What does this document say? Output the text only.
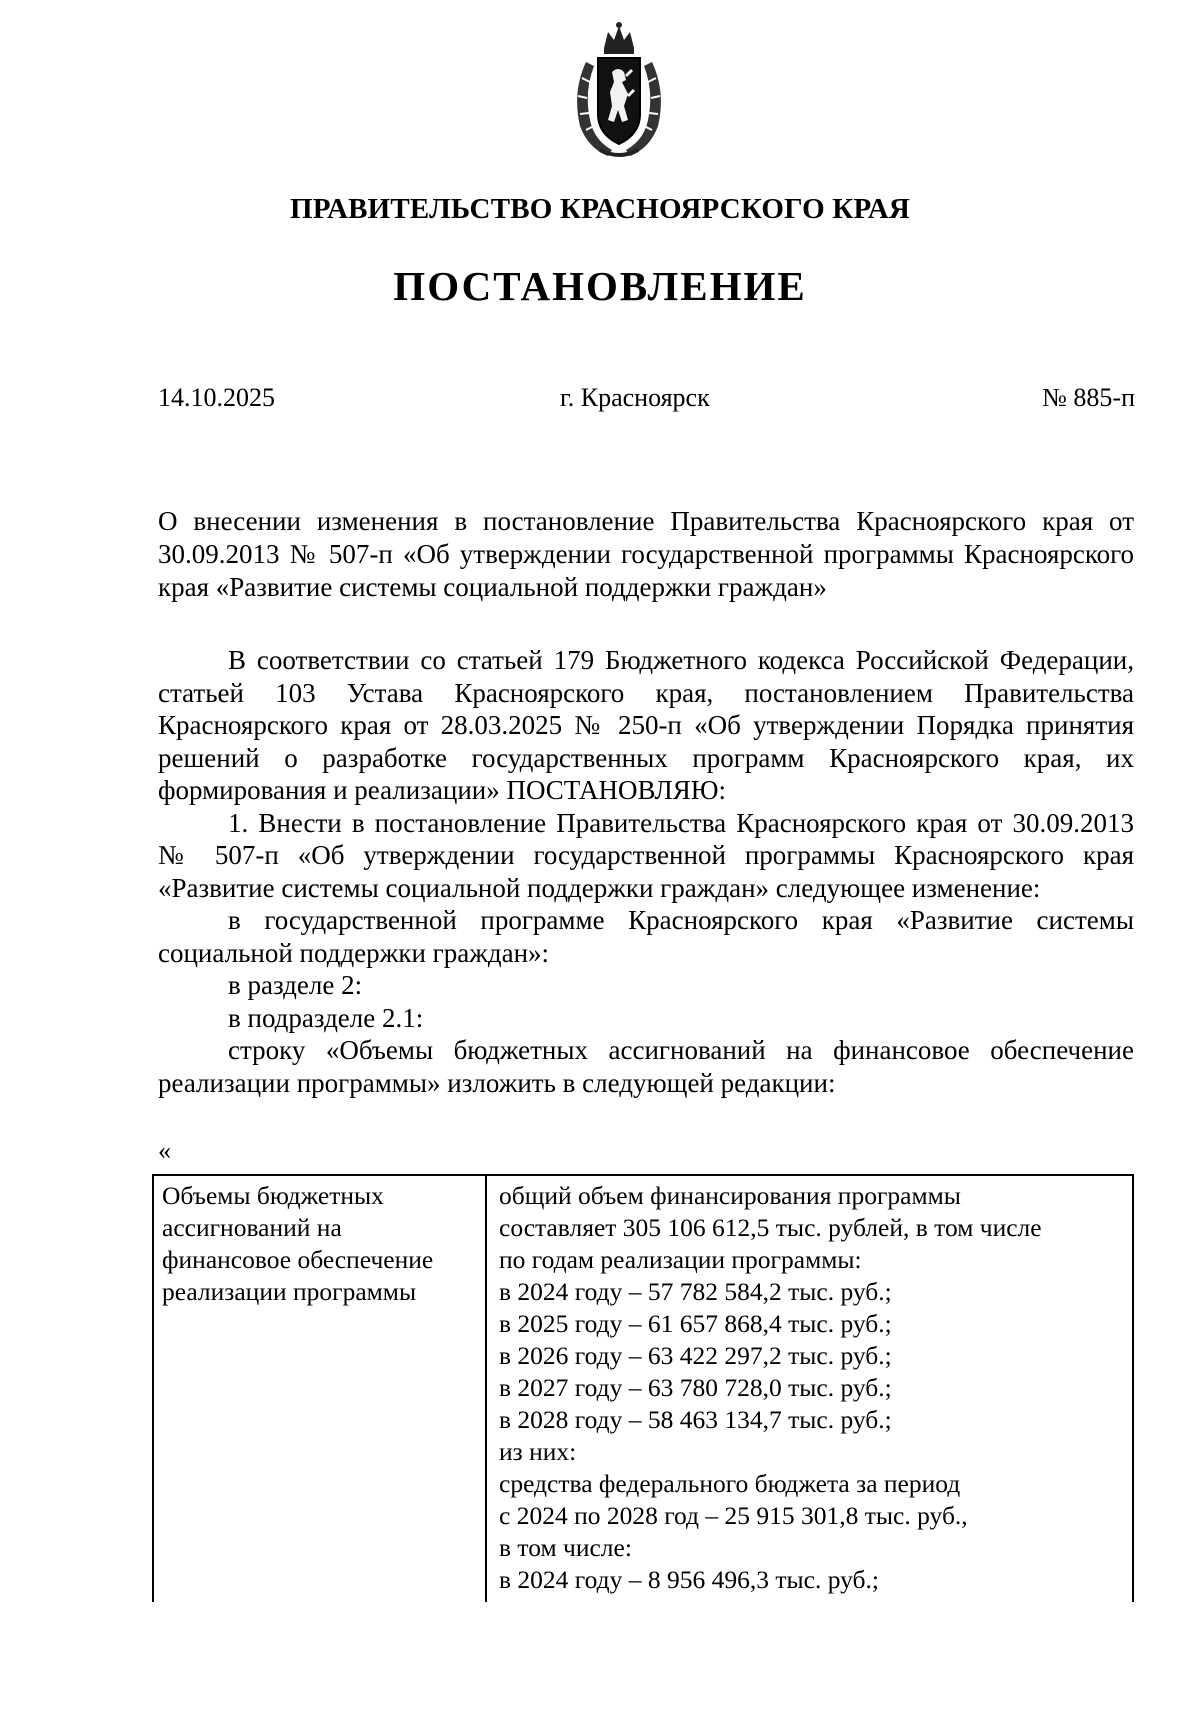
ПРАВИТЕЛЬСТВО КРАСНОЯРСКОГО КРАЯ
ПОСТАНОВЛЕНИЕ
14.10.2025	г. Красноярск	№ 885-п

О внесении изменения в постановление Правительства Красноярского края от 30.09.2013 № 507-п «Об утверждении государственной программы Красноярского края «Развитие системы социальной поддержки граждан»

В соответствии со статьей 179 Бюджетного кодекса Российской Федерации, статьей 103 Устава Красноярского края, постановлением Правительства Красноярского края от 28.03.2025 № 250-п «Об утверждении Порядка принятия решений о разработке государственных программ Красноярского края, их формирования и реализации» ПОСТАНОВЛЯЮ:

1. Внести в постановление Правительства Красноярского края от 30.09.2013 № 507-п «Об утверждении государственной программы Красноярского края «Развитие системы социальной поддержки граждан» следующее изменение:

в государственной программе Красноярского края «Развитие системы социальной поддержки граждан»:

в разделе 2:

в подразделе 2.1:

строку «Объемы бюджетных ассигнований на финансовое обеспечение реализации программы» изложить в следующей редакции:

«
Объемы бюджетных
ассигнований на
финансовое обеспечение
реализации программы
общий объем финансирования программы
составляет 305 106 612,5 тыс. рублей, в том числе
по годам реализации программы:
в 2024 году – 57 782 584,2 тыс. руб.;
в 2025 году – 61 657 868,4 тыс. руб.;
в 2026 году – 63 422 297,2 тыс. руб.;
в 2027 году – 63 780 728,0 тыс. руб.;
в 2028 году – 58 463 134,7 тыс. руб.;
из них:
средства федерального бюджета за период
с 2024 по 2028 год – 25 915 301,8 тыс. руб.,
в том числе:
в 2024 году – 8 956 496,3 тыс. руб.;
